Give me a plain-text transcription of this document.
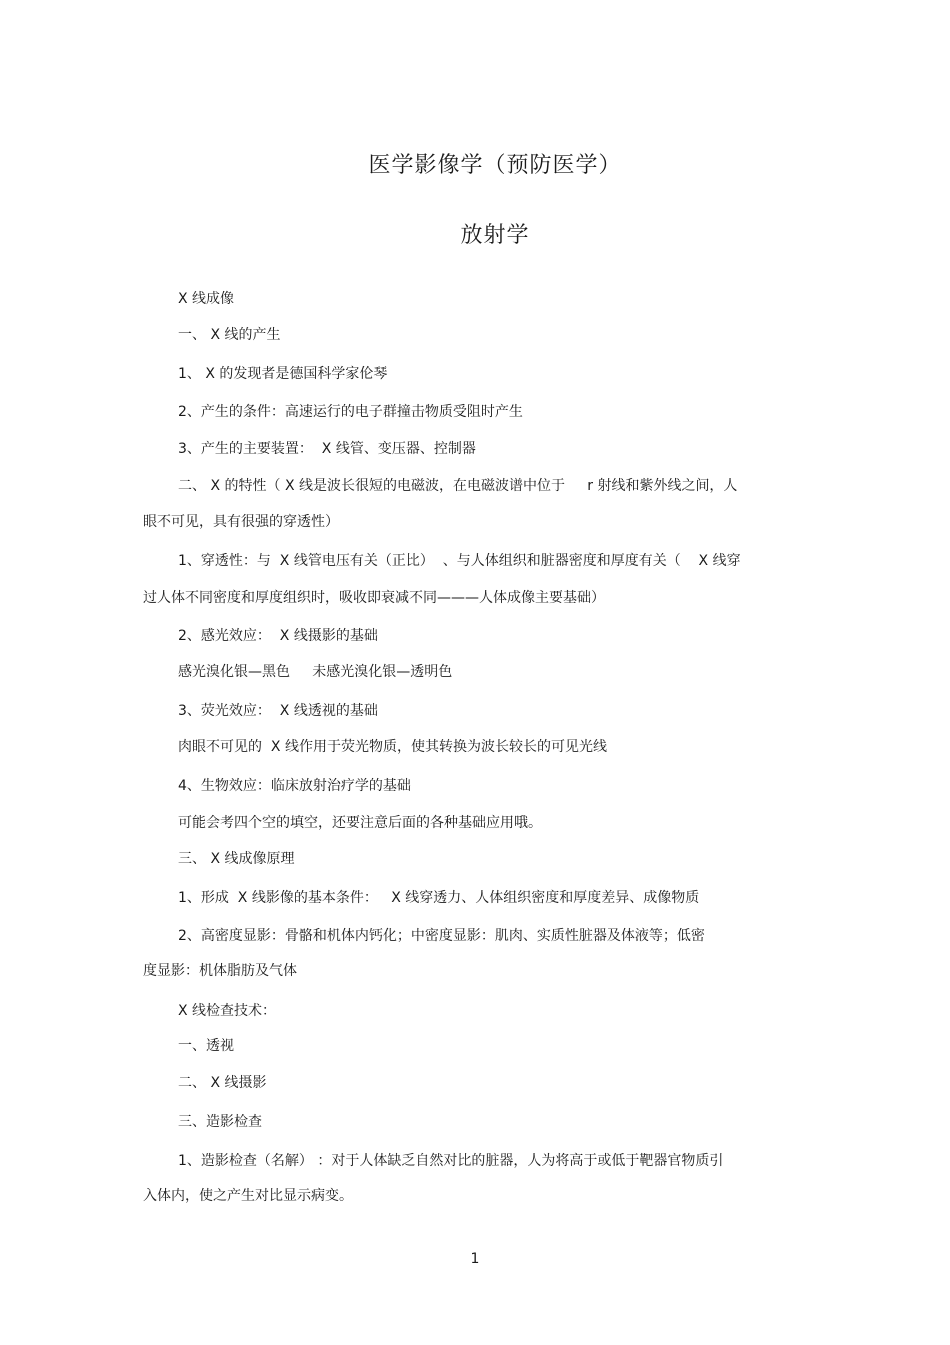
医学影像学（预防医学）
放射学
X 线成像
一、 X 线的产生
1、 X 的发现者是德国科学家伦琴
2、产生的条件：高速运行的电子群撞击物质受阻时产生
3、产生的主要装置：  X 线管、变压器、控制器
二、 X 的特性（ X 线是波长很短的电磁波，在电磁波谱中位于     r 射线和紫外线之间，人
眼不可见，具有很强的穿透性）
1、穿透性：与  X 线管电压有关（正比）  、与人体组织和脏器密度和厚度有关（    X 线穿
过人体不同密度和厚度组织时，吸收即衰减不同———人体成像主要基础）
2、感光效应：  X 线摄影的基础
感光溴化银—黑色     未感光溴化银—透明色
3、荧光效应：  X 线透视的基础
肉眼不可见的  X 线作用于荧光物质，使其转换为波长较长的可见光线
4、生物效应：临床放射治疗学的基础
可能会考四个空的填空，还要注意后面的各种基础应用哦。
三、 X 线成像原理
1、形成  X 线影像的基本条件：   X 线穿透力、人体组织密度和厚度差异、成像物质
2、高密度显影：骨骼和机体内钙化；中密度显影：肌肉、实质性脏器及体液等；低密
度显影：机体脂肪及气体
X 线检查技术：
一、透视
二、 X 线摄影
三、造影检查
1、造影检查（名解） ：对于人体缺乏自然对比的脏器，人为将高于或低于靶器官物质引
入体内，使之产生对比显示病变。
1
